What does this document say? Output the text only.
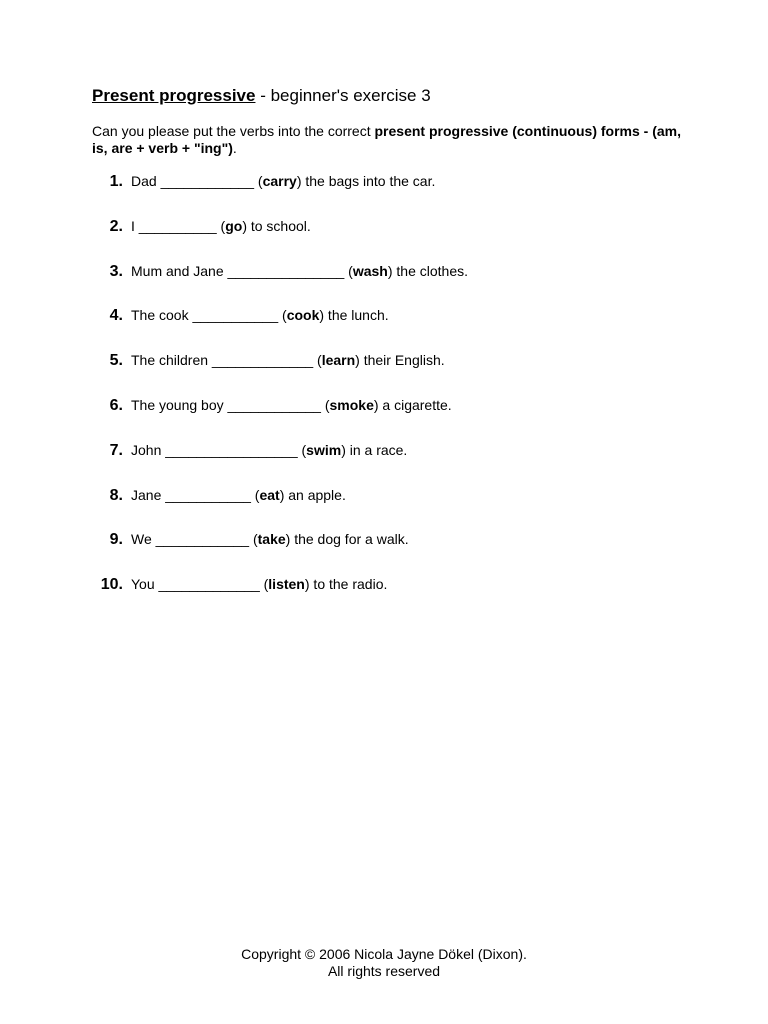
Present progressive - beginner's exercise 3

Can you please put the verbs into the correct present progressive (continuous) forms - (am, is, are + verb + "ing").

1. Dad ____________ (carry) the bags into the car.
2. I __________ (go) to school.
3. Mum and Jane _______________ (wash) the clothes.
4. The cook ___________ (cook) the lunch.
5. The children _____________ (learn) their English.
6. The young boy ____________ (smoke) a cigarette.
7. John _________________ (swim) in a race.
8. Jane ___________ (eat) an apple.
9. We ____________ (take) the dog for a walk.
10. You _____________ (listen) to the radio.
Copyright © 2006 Nicola Jayne Dökel (Dixon).
All rights reserved
